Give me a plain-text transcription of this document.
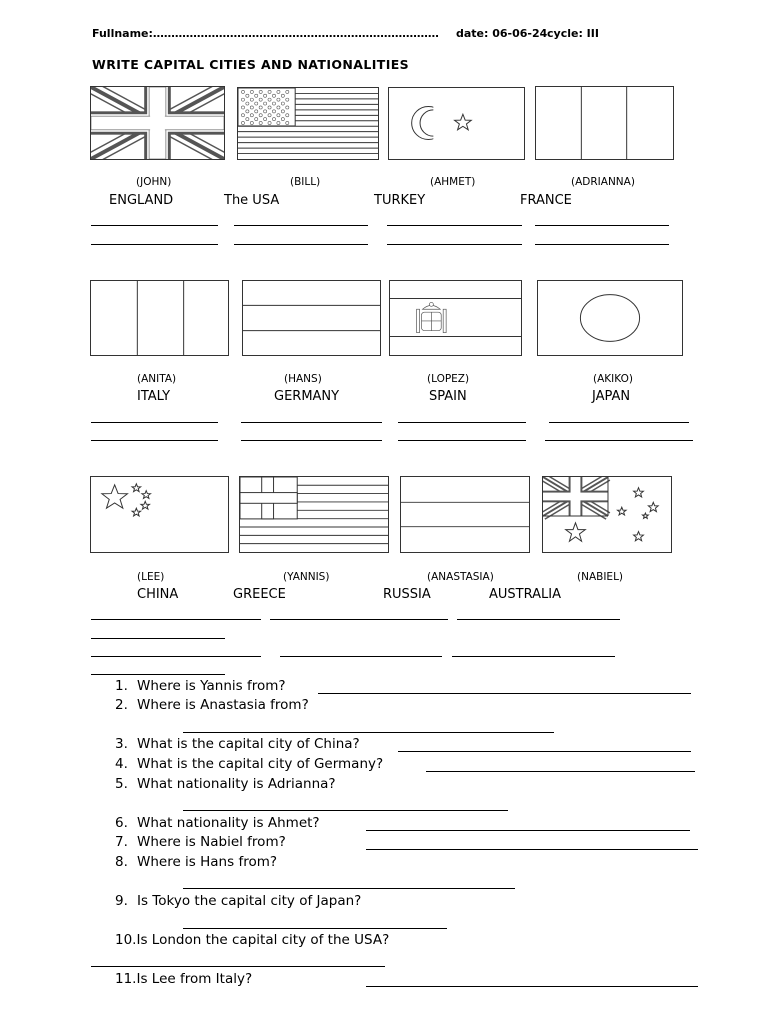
Fullname:…………………………………………………………………… date: 06-06-24 cycle: III
WRITE CAPITAL CITIES AND NATIONALITIES
(JOHN)	(BILL)	(AHMET)	(ADRIANNA)
ENGLAND	The USA	TURKEY	FRANCE
(ANITA)	(HANS)	(LOPEZ)	(AKIKO)
ITALY	GERMANY	SPAIN	JAPAN
(LEE)	(YANNIS)	(ANASTASIA)	(NABIEL)
CHINA	GREECE	RUSSIA	AUSTRALIA
1. Where is Yannis from?
2. Where is Anastasia from?
3. What is the capital city of China?
4. What is the capital city of Germany?
5. What nationality is Adrianna?
6. What nationality is Ahmet?
7. Where is Nabiel from?
8. Where is Hans from?
9. Is Tokyo the capital city of Japan?
10.Is London the capital city of the USA?
11.Is Lee from Italy?
